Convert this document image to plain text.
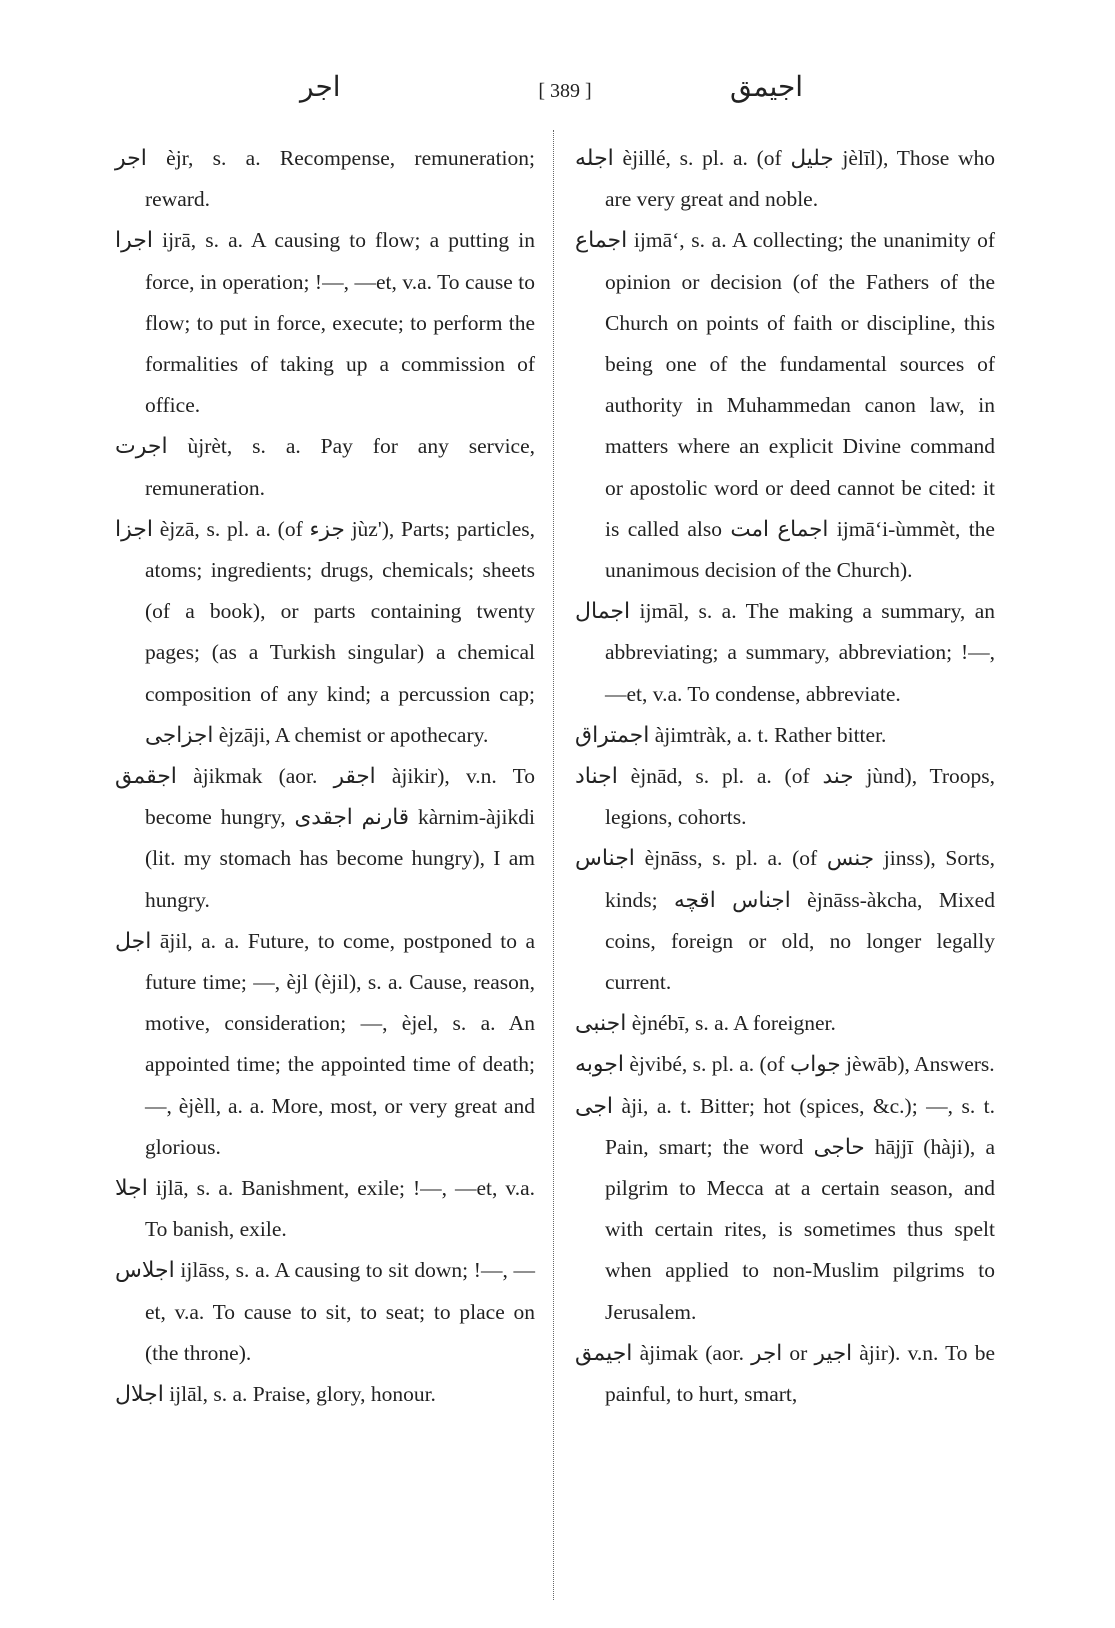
اجر	[ 389 ]	اجيمق

اجر èjr, s. a. Recompense, remuneration; reward.

اجرا ijrā, s. a. A causing to flow; a putting in force, in operation; !—, —et, v.a. To cause to flow; to put in force, execute; to perform the formalities of taking up a commission of office.

اجرت ùjrèt, s. a. Pay for any service, remuneration.

اجزا èjzā, s. pl. a. (of جزء jùz'), Parts; particles, atoms; ingredients; drugs, chemicals; sheets (of a book), or parts containing twenty pages; (as a Turkish singular) a chemical composition of any kind; a percussion cap; اجزاجی èjzāji, A chemist or apothecary.

اجقمق àjikmak (aor. اجقر àjikir), v.n. To become hungry, قارنم اجقدی kàrnim-àjikdi (lit. my stomach has become hungry), I am hungry.

اجل ājil, a. a. Future, to come, postponed to a future time; —, èjl (èjil), s. a. Cause, reason, motive, consideration; —, èjel, s. a. An appointed time; the appointed time of death; —, èjèll, a. a. More, most, or very great and glorious.

اجلا ijlā, s. a. Banishment, exile; !—, —et, v.a. To banish, exile.

اجلاس ijlāss, s. a. A causing to sit down; !—, —et, v.a. To cause to sit, to seat; to place on (the throne).

اجلال ijlāl, s. a. Praise, glory, honour.

اجله èjillé, s. pl. a. (of جليل jèlīl), Those who are very great and noble.

اجماع ijmā‘, s. a. A collecting; the unanimity of opinion or decision (of the Fathers of the Church on points of faith or discipline, this being one of the fundamental sources of authority in Muhammedan canon law, in matters where an explicit Divine command or apostolic word or deed cannot be cited: it is called also اجماع امت ijmā‘i-ùmmèt, the unanimous decision of the Church).

اجمال ijmāl, s. a. The making a summary, an abbreviating; a summary, abbreviation; !—, —et, v.a. To condense, abbreviate.

اجمتراق àjimtràk, a. t. Rather bitter.

اجناد èjnād, s. pl. a. (of جند jùnd), Troops, legions, cohorts.

اجناس èjnāss, s. pl. a. (of جنس jinss), Sorts, kinds; اجناس اقچه èjnāss-àkcha, Mixed coins, foreign or old, no longer legally current.

اجنبی èjnébī, s. a. A foreigner.

اجوبه èjvibé, s. pl. a. (of جواب jèwāb), Answers.

اجی àji, a. t. Bitter; hot (spices, &c.); —, s. t. Pain, smart; the word حاجی hājjī (hàji), a pilgrim to Mecca at a certain season, and with certain rites, is sometimes thus spelt when applied to non-Muslim pilgrims to Jerusalem.

اجیمق àjimak (aor. اجر or اجیر àjir). v.n. To be painful, to hurt, smart,
